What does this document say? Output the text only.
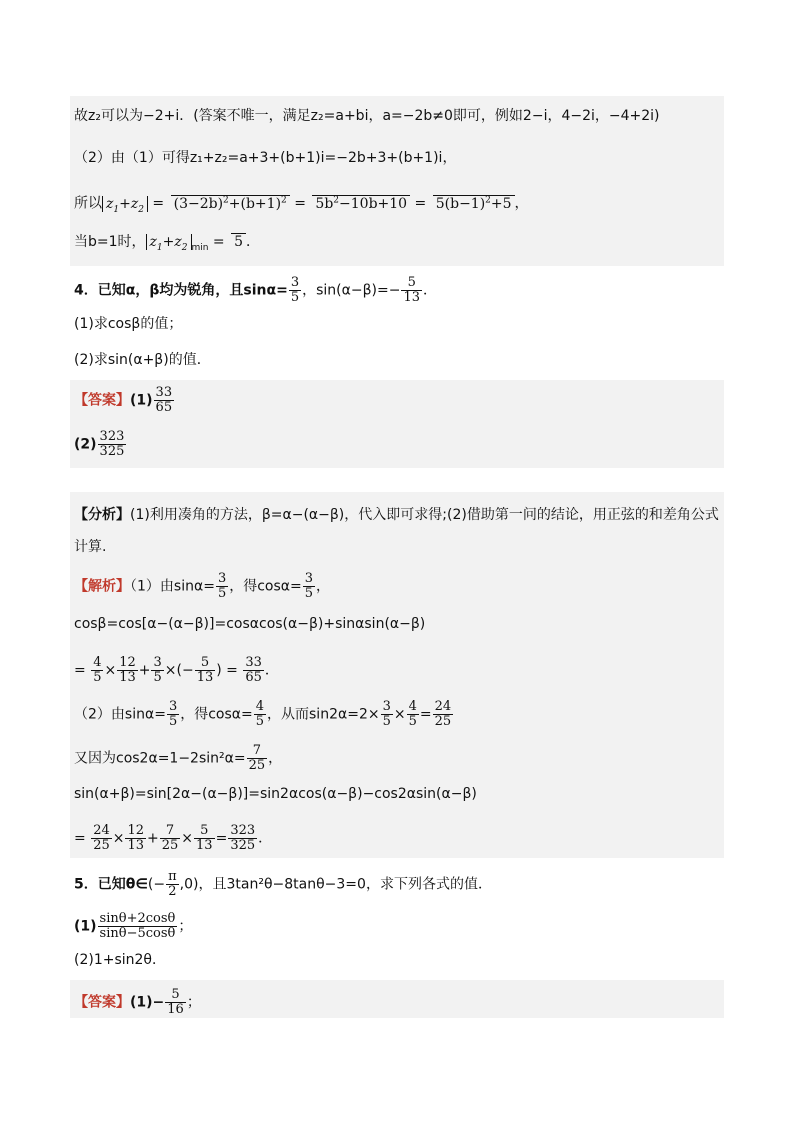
故z₂可以为−2+i．(答案不唯一，满足z₂=a+bi，a=−2b≠0即可，例如2−i，4−2i，−4+2i)
（2）由（1）可得z₁+z₂=a+3+(b+1)i=−2b+3+(b+1)i，
所以 $z_1+z_2 = (3-2b)^2+(b+1)^2 = 5b^2-10b+10 = 5(b-1)^2+5$ ，
当b=1时， $z_1+z_2$ $_{min}$ = 5 ．
4．已知α，β均为锐角，且$\sin\alpha= \frac{3}{5}$ ，$\sin(\alpha-\beta)=- \frac{5}{13}$ ．
(1)求cosβ的值；
(2)求sin(α+β)的值．
【答案】$(1) \frac{33}{65}$
$(2) \frac{323}{325}$
【分析】(1)利用凑角的方法，β=α−(α−β)，代入即可求得;(2)借助第一问的结论，用正弦的和差角公式
计算.
【解析】（1）由$\sin\alpha= \frac{3}{5}$ ，得$\cos\alpha= \frac{3}{5}$ ，
cosβ=cos[α−(α−β)]=cosαcos(α−β)+sinαsin(α−β)
= $\frac{4}{5} \times \frac{12}{13} + \frac{3}{5}$ ×(− $\frac{5}{13}$ ) = $\frac{33}{65}$ ．
（2）由$\sin\alpha= \frac{3}{5}$ ，得$\cos\alpha= \frac{4}{5}$ ，从而$\sin 2\alpha=2\times \frac{3}{5} \times \frac{4}{5} = \frac{24}{25}$
又因为$\cos 2\alpha=1-2\sin^2\alpha= \frac{7}{25}$ ，
sin(α+β)=sin[2α−(α−β)]=sin2αcos(α−β)−cos2αsin(α−β)
= $\frac{24}{25} \times \frac{12}{13} + \frac{7}{25} \times \frac{5}{13} = \frac{323}{325}$ ．
5．已知θ∈(− $\frac{\pi}{2} ,0$)，且3tan²θ−8tanθ−3=0，求下列各式的值．
$(1) \frac{\sin\theta+2\cos\theta}{\sin\theta-5\cos\theta}$ ；
(2)1+sin2θ．
【答案】$(1)- \frac{5}{16}$ ；
